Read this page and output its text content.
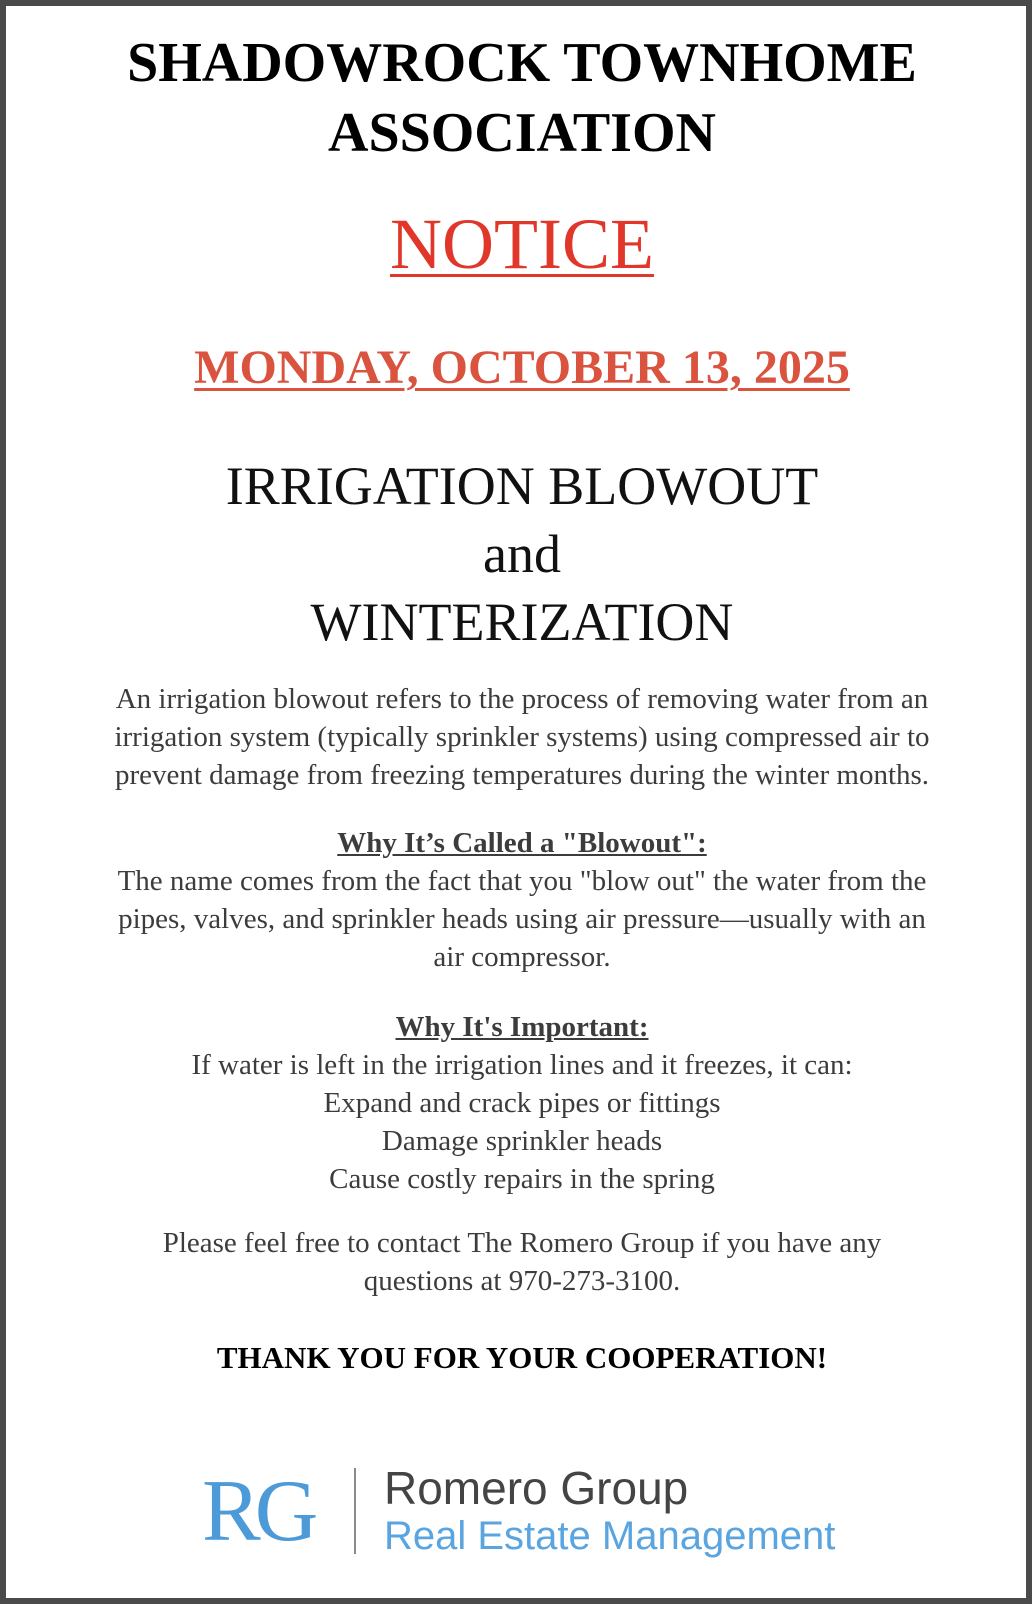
SHADOWROCK TOWNHOME
ASSOCIATION
NOTICE
MONDAY, OCTOBER 13, 2025
IRRIGATION BLOWOUT
and
WINTERIZATION
An irrigation blowout refers to the process of removing water from an
irrigation system (typically sprinkler systems) using compressed air to
prevent damage from freezing temperatures during the winter months.
Why It’s Called a "Blowout":
The name comes from the fact that you "blow out" the water from the
pipes, valves, and sprinkler heads using air pressure—usually with an
air compressor.
Why It's Important:
If water is left in the irrigation lines and it freezes, it can:
Expand and crack pipes or fittings
Damage sprinkler heads
Cause costly repairs in the spring
Please feel free to contact The Romero Group if you have any
questions at 970-273-3100.
THANK YOU FOR YOUR COOPERATION!
RG	Romero Group
Real Estate Management
